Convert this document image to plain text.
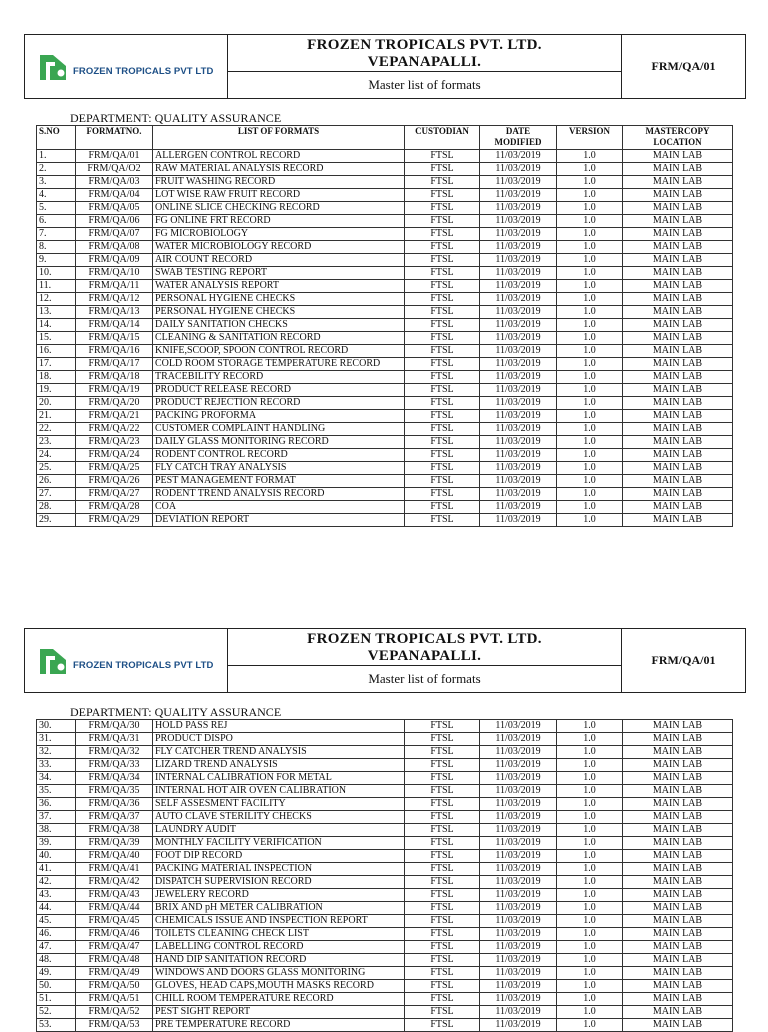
FROZEN TROPICALS PVT LTD
FROZEN TROPICALS PVT. LTD.
VEPANAPALLI.
Master list of formats
FRM/QA/01
DEPARTMENT: QUALITY ASSURANCE
S.NO	FORMATNO.	LIST OF FORMATS	CUSTODIAN	DATE MODIFIED	VERSION	MASTERCOPY LOCATION
1.	FRM/QA/01	ALLERGEN CONTROL RECORD	FTSL	11/03/2019	1.0	MAIN LAB
2.	FRM/QA/O2	RAW MATERIAL ANALYSIS RECORD	FTSL	11/03/2019	1.0	MAIN LAB
3.	FRM/QA/03	FRUIT WASHING RECORD	FTSL	11/03/2019	1.0	MAIN LAB
4.	FRM/QA/04	LOT WISE RAW FRUIT RECORD	FTSL	11/03/2019	1.0	MAIN LAB
5.	FRM/QA/05	ONLINE SLICE CHECKING RECORD	FTSL	11/03/2019	1.0	MAIN LAB
6.	FRM/QA/06	FG ONLINE FRT RECORD	FTSL	11/03/2019	1.0	MAIN LAB
7.	FRM/QA/07	FG MICROBIOLOGY	FTSL	11/03/2019	1.0	MAIN LAB
8.	FRM/QA/08	WATER MICROBIOLOGY RECORD	FTSL	11/03/2019	1.0	MAIN LAB
9.	FRM/QA/09	AIR COUNT RECORD	FTSL	11/03/2019	1.0	MAIN LAB
10.	FRM/QA/10	SWAB TESTING REPORT	FTSL	11/03/2019	1.0	MAIN LAB
11.	FRM/QA/11	WATER ANALYSIS REPORT	FTSL	11/03/2019	1.0	MAIN LAB
12.	FRM/QA/12	PERSONAL HYGIENE CHECKS	FTSL	11/03/2019	1.0	MAIN LAB
13.	FRM/QA/13	PERSONAL HYGIENE CHECKS	FTSL	11/03/2019	1.0	MAIN LAB
14.	FRM/QA/14	DAILY SANITATION CHECKS	FTSL	11/03/2019	1.0	MAIN LAB
15.	FRM/QA/15	CLEANING & SANITATION RECORD	FTSL	11/03/2019	1.0	MAIN LAB
16.	FRM/QA/16	KNIFE,SCOOP, SPOON CONTROL RECORD	FTSL	11/03/2019	1.0	MAIN LAB
17.	FRM/QA/17	COLD ROOM STORAGE TEMPERATURE RECORD	FTSL	11/03/2019	1.0	MAIN LAB
18.	FRM/QA/18	TRACEBILITY RECORD	FTSL	11/03/2019	1.0	MAIN LAB
19.	FRM/QA/19	PRODUCT RELEASE RECORD	FTSL	11/03/2019	1.0	MAIN LAB
20.	FRM/QA/20	PRODUCT REJECTION RECORD	FTSL	11/03/2019	1.0	MAIN LAB
21.	FRM/QA/21	PACKING PROFORMA	FTSL	11/03/2019	1.0	MAIN LAB
22.	FRM/QA/22	CUSTOMER COMPLAINT HANDLING	FTSL	11/03/2019	1.0	MAIN LAB
23.	FRM/QA/23	DAILY GLASS MONITORING RECORD	FTSL	11/03/2019	1.0	MAIN LAB
24.	FRM/QA/24	RODENT CONTROL RECORD	FTSL	11/03/2019	1.0	MAIN LAB
25.	FRM/QA/25	FLY CATCH TRAY ANALYSIS	FTSL	11/03/2019	1.0	MAIN LAB
26.	FRM/QA/26	PEST MANAGEMENT FORMAT	FTSL	11/03/2019	1.0	MAIN LAB
27.	FRM/QA/27	RODENT TREND ANALYSIS RECORD	FTSL	11/03/2019	1.0	MAIN LAB
28.	FRM/QA/28	COA	FTSL	11/03/2019	1.0	MAIN LAB
29.	FRM/QA/29	DEVIATION REPORT	FTSL	11/03/2019	1.0	MAIN LAB
FROZEN TROPICALS PVT LTD
FROZEN TROPICALS PVT. LTD.
VEPANAPALLI.
Master list of formats
FRM/QA/01
DEPARTMENT: QUALITY ASSURANCE
30.	FRM/QA/30	HOLD PASS REJ	FTSL	11/03/2019	1.0	MAIN LAB
31.	FRM/QA/31	PRODUCT DISPO	FTSL	11/03/2019	1.0	MAIN LAB
32.	FRM/QA/32	FLY CATCHER TREND ANALYSIS	FTSL	11/03/2019	1.0	MAIN LAB
33.	FRM/QA/33	LIZARD TREND ANALYSIS	FTSL	11/03/2019	1.0	MAIN LAB
34.	FRM/QA/34	INTERNAL CALIBRATION FOR METAL	FTSL	11/03/2019	1.0	MAIN LAB
35.	FRM/QA/35	INTERNAL HOT AIR OVEN CALIBRATION	FTSL	11/03/2019	1.0	MAIN LAB
36.	FRM/QA/36	SELF ASSESMENT FACILITY	FTSL	11/03/2019	1.0	MAIN LAB
37.	FRM/QA/37	AUTO CLAVE STERILITY CHECKS	FTSL	11/03/2019	1.0	MAIN LAB
38.	FRM/QA/38	LAUNDRY AUDIT	FTSL	11/03/2019	1.0	MAIN LAB
39.	FRM/QA/39	MONTHLY FACILITY VERIFICATION	FTSL	11/03/2019	1.0	MAIN LAB
40.	FRM/QA/40	FOOT DIP RECORD	FTSL	11/03/2019	1.0	MAIN LAB
41.	FRM/QA/41	PACKING MATERIAL INSPECTION	FTSL	11/03/2019	1.0	MAIN LAB
42.	FRM/QA/42	DISPATCH SUPERVISION RECORD	FTSL	11/03/2019	1.0	MAIN LAB
43.	FRM/QA/43	JEWELERY RECORD	FTSL	11/03/2019	1.0	MAIN LAB
44.	FRM/QA/44	BRIX AND pH METER CALIBRATION	FTSL	11/03/2019	1.0	MAIN LAB
45.	FRM/QA/45	CHEMICALS ISSUE AND INSPECTION REPORT	FTSL	11/03/2019	1.0	MAIN LAB
46.	FRM/QA/46	TOILETS CLEANING CHECK LIST	FTSL	11/03/2019	1.0	MAIN LAB
47.	FRM/QA/47	LABELLING CONTROL RECORD	FTSL	11/03/2019	1.0	MAIN LAB
48.	FRM/QA/48	HAND DIP SANITATION RECORD	FTSL	11/03/2019	1.0	MAIN LAB
49.	FRM/QA/49	WINDOWS AND DOORS GLASS MONITORING	FTSL	11/03/2019	1.0	MAIN LAB
50.	FRM/QA/50	GLOVES, HEAD CAPS,MOUTH MASKS RECORD	FTSL	11/03/2019	1.0	MAIN LAB
51.	FRM/QA/51	CHILL ROOM TEMPERATURE RECORD	FTSL	11/03/2019	1.0	MAIN LAB
52.	FRM/QA/52	PEST SIGHT REPORT	FTSL	11/03/2019	1.0	MAIN LAB
53.	FRM/QA/53	PRE TEMPERATURE RECORD	FTSL	11/03/2019	1.0	MAIN LAB
